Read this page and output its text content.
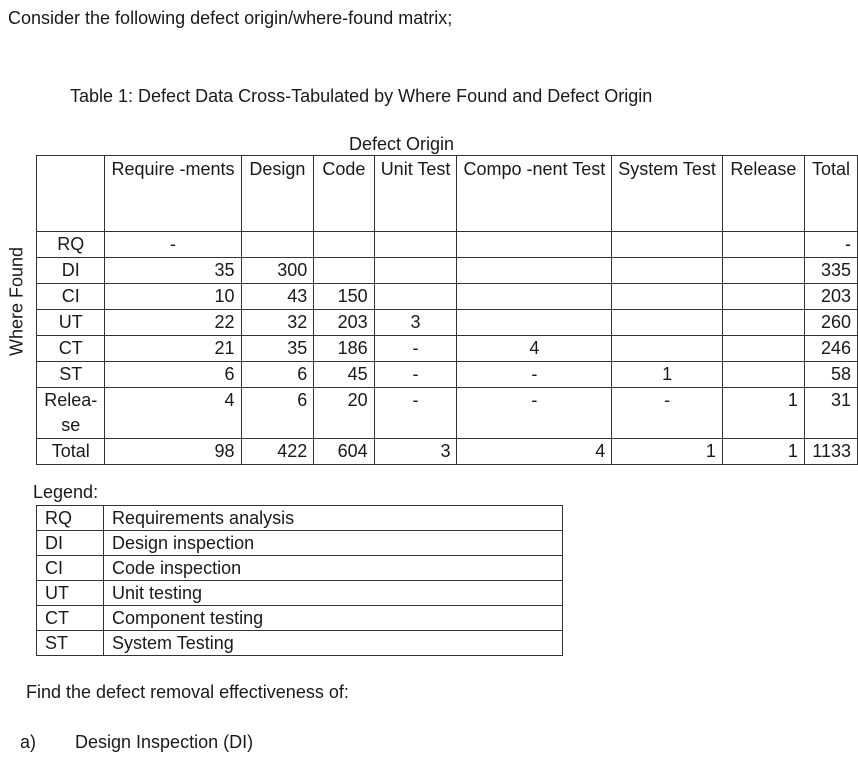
Consider the following defect origin/where-found matrix;
Table 1: Defect Data Cross-Tabulated by Where Found and Defect Origin
Defect Origin
Where Found
	Require -ments	Design	Code	Unit Test	Compo -nent Test	System Test	Release	Total
RQ	-							-
DI	35	300						335
CI	10	43	150					203
UT	22	32	203	3				260
CT	21	35	186	-	4			246
ST	6	6	45	-	-	1		58
Relea- se	4	6	20	-	-	-	1	31
Total	98	422	604	3	4	1	1	1133
Legend:
RQ	Requirements analysis
DI	Design inspection
CI	Code inspection
UT	Unit testing
CT	Component testing
ST	System Testing
Find the defect removal effectiveness of:
a) Design Inspection (DI)
